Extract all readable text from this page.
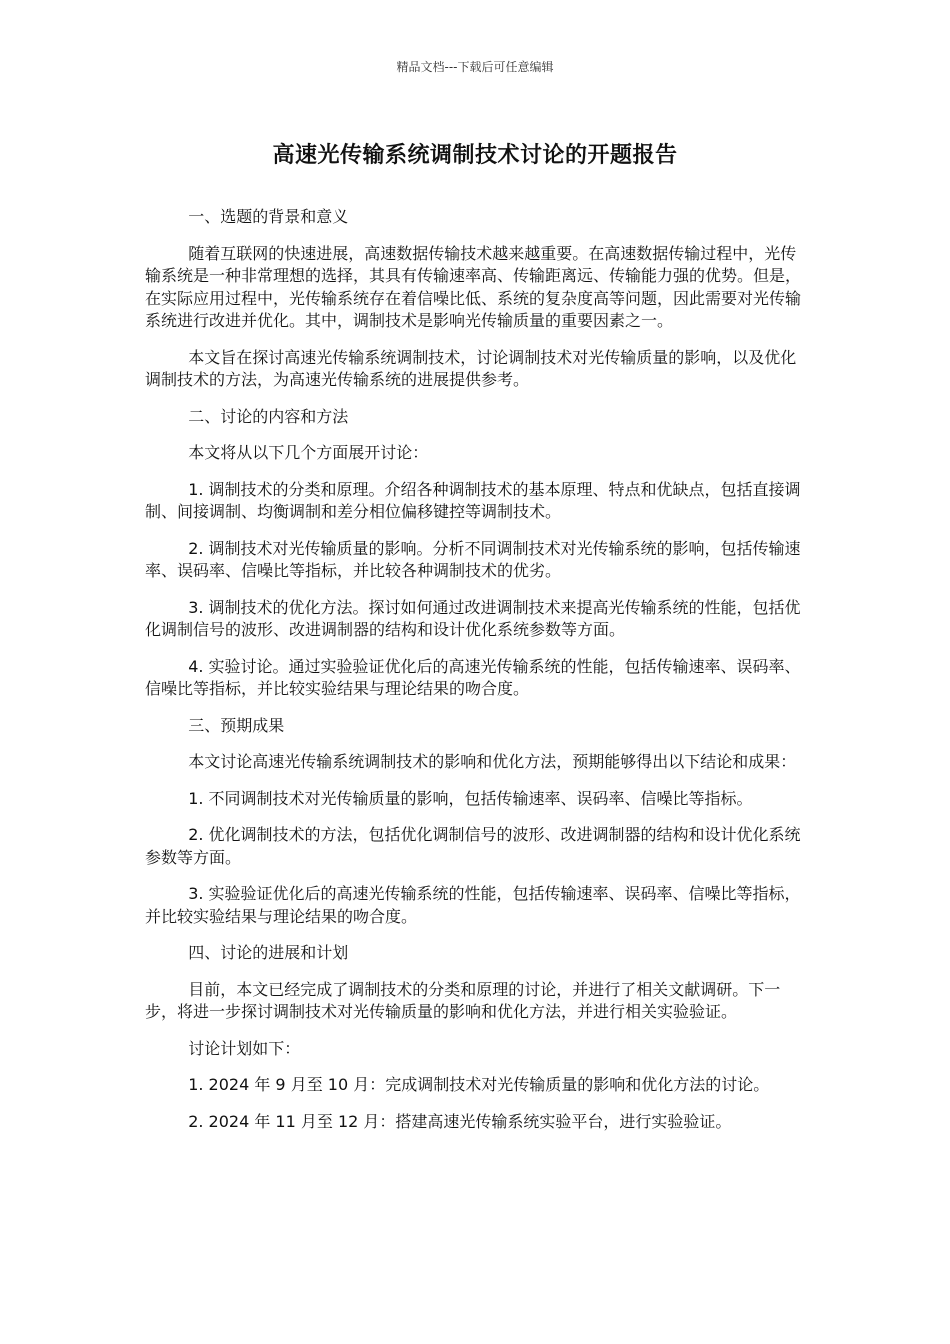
精品文档---下载后可任意编辑
高速光传输系统调制技术讨论的开题报告

一、选题的背景和意义

随着互联网的快速进展，高速数据传输技术越来越重要。在高速数据传输过程中，光传输系统是一种非常理想的选择，其具有传输速率高、传输距离远、传输能力强的优势。但是，在实际应用过程中，光传输系统存在着信噪比低、系统的复杂度高等问题，因此需要对光传输系统进行改进并优化。其中，调制技术是影响光传输质量的重要因素之一。

本文旨在探讨高速光传输系统调制技术，讨论调制技术对光传输质量的影响，以及优化调制技术的方法，为高速光传输系统的进展提供参考。

二、讨论的内容和方法

本文将从以下几个方面展开讨论：

1. 调制技术的分类和原理。介绍各种调制技术的基本原理、特点和优缺点，包括直接调制、间接调制、均衡调制和差分相位偏移键控等调制技术。

2. 调制技术对光传输质量的影响。分析不同调制技术对光传输系统的影响，包括传输速率、误码率、信噪比等指标，并比较各种调制技术的优劣。

3. 调制技术的优化方法。探讨如何通过改进调制技术来提高光传输系统的性能，包括优化调制信号的波形、改进调制器的结构和设计优化系统参数等方面。

4. 实验讨论。通过实验验证优化后的高速光传输系统的性能，包括传输速率、误码率、信噪比等指标，并比较实验结果与理论结果的吻合度。

三、预期成果

本文讨论高速光传输系统调制技术的影响和优化方法，预期能够得出以下结论和成果：

1. 不同调制技术对光传输质量的影响，包括传输速率、误码率、信噪比等指标。

2. 优化调制技术的方法，包括优化调制信号的波形、改进调制器的结构和设计优化系统参数等方面。

3. 实验验证优化后的高速光传输系统的性能，包括传输速率、误码率、信噪比等指标，并比较实验结果与理论结果的吻合度。

四、讨论的进展和计划

目前，本文已经完成了调制技术的分类和原理的讨论，并进行了相关文献调研。下一步，将进一步探讨调制技术对光传输质量的影响和优化方法，并进行相关实验验证。

讨论计划如下：

1. 2024 年 9 月至 10 月：完成调制技术对光传输质量的影响和优化方法的讨论。

2. 2024 年 11 月至 12 月：搭建高速光传输系统实验平台，进行实验验证。
